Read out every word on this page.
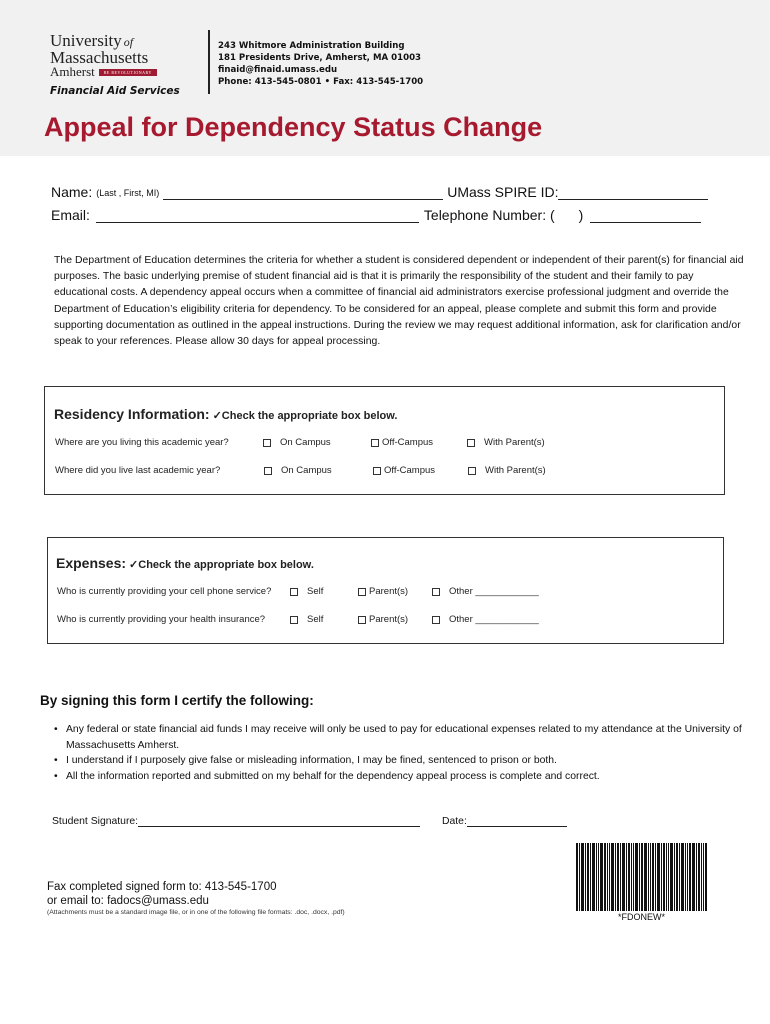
University of
Massachusetts
Amherst	BE REVOLUTIONARY
Financial Aid Services
243 Whitmore Administration Building
181 Presidents Drive, Amherst, MA 01003
finaid@finaid.umass.edu
Phone: 413-545-0801 • Fax: 413-545-1700
Appeal for Dependency Status Change
Name: (Last , First, MI)	UMass SPIRE ID:
Email:	Telephone Number: ( )
The Department of Education determines the criteria for whether a student is considered dependent or independent of their parent(s) for financial aid purposes. The basic underlying premise of student financial aid is that it is primarily the responsibility of the student and their family to pay educational costs. A dependency appeal occurs when a committee of financial aid administrators exercise professional judgment and override the Department of Education’s eligibility criteria for dependency. To be considered for an appeal, please complete and submit this form and provide supporting documentation as outlined in the appeal instructions. During the review we may request additional information, ask for clarification and/or speak to your references. Please allow 30 days for appeal processing.
Residency Information: ✓Check the appropriate box below.
Where are you living this academic year?	On Campus	Off-Campus	With Parent(s)
Where did you live last academic year?	On Campus	Off-Campus	With Parent(s)
Expenses: ✓Check the appropriate box below.
Who is currently providing your cell phone service?	Self	Parent(s)	Other ____________
Who is currently providing your health insurance?	Self	Parent(s)	Other ____________
By signing this form I certify the following:
• Any federal or state financial aid funds I may receive will only be used to pay for educational expenses related to my attendance at the University of Massachusetts Amherst.
• I understand if I purposely give false or misleading information, I may be fined, sentenced to prison or both.
• All the information reported and submitted on my behalf for the dependency appeal process is complete and correct.
Student Signature:	Date:
Fax completed signed form to: 413-545-1700
or email to: fadocs@umass.edu
(Attachments must be a standard image file, or in one of the following file formats: .doc, .docx, .pdf)	*FDONEW*
